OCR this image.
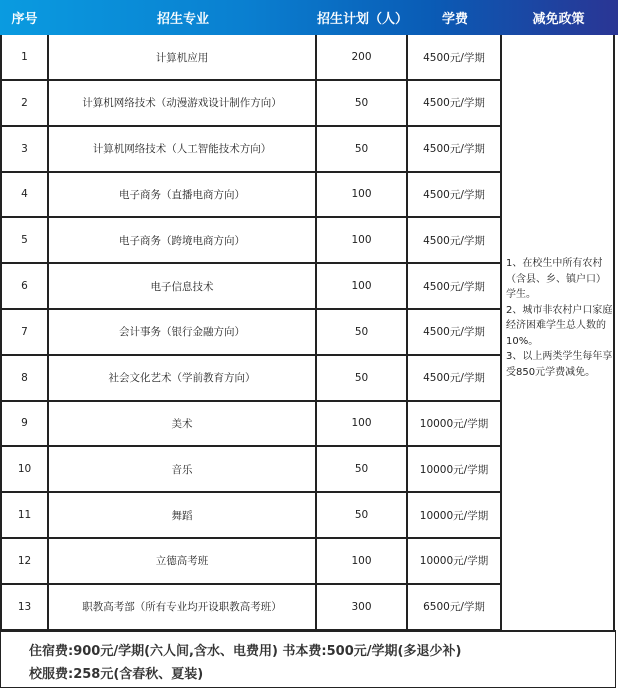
序号	招生专业	招生计划（人）	学费	减免政策
1	计算机应用	200	4500元/学期
2	计算机网络技术（动漫游戏设计制作方向）	50	4500元/学期
3	计算机网络技术（人工智能技术方向）	50	4500元/学期
4	电子商务（直播电商方向）	100	4500元/学期
5	电子商务（跨境电商方向）	100	4500元/学期
6	电子信息技术	100	4500元/学期
7	会计事务（银行金融方向）	50	4500元/学期
8	社会文化艺术（学前教育方向）	50	4500元/学期
9	美术	100	10000元/学期
10	音乐	50	10000元/学期
11	舞蹈	50	10000元/学期
12	立德高考班	100	10000元/学期
13	职教高考部（所有专业均开设职教高考班）	300	6500元/学期
1、在校生中所有农村（含县、乡、镇户口）学生。
2、城市非农村户口家庭经济困难学生总人数的10%。
3、以上两类学生每年享受850元学费减免。
住宿费:900元/学期(六人间,含水、电费用) 书本费:500元/学期(多退少补)
校服费:258元(含春秋、夏装)
